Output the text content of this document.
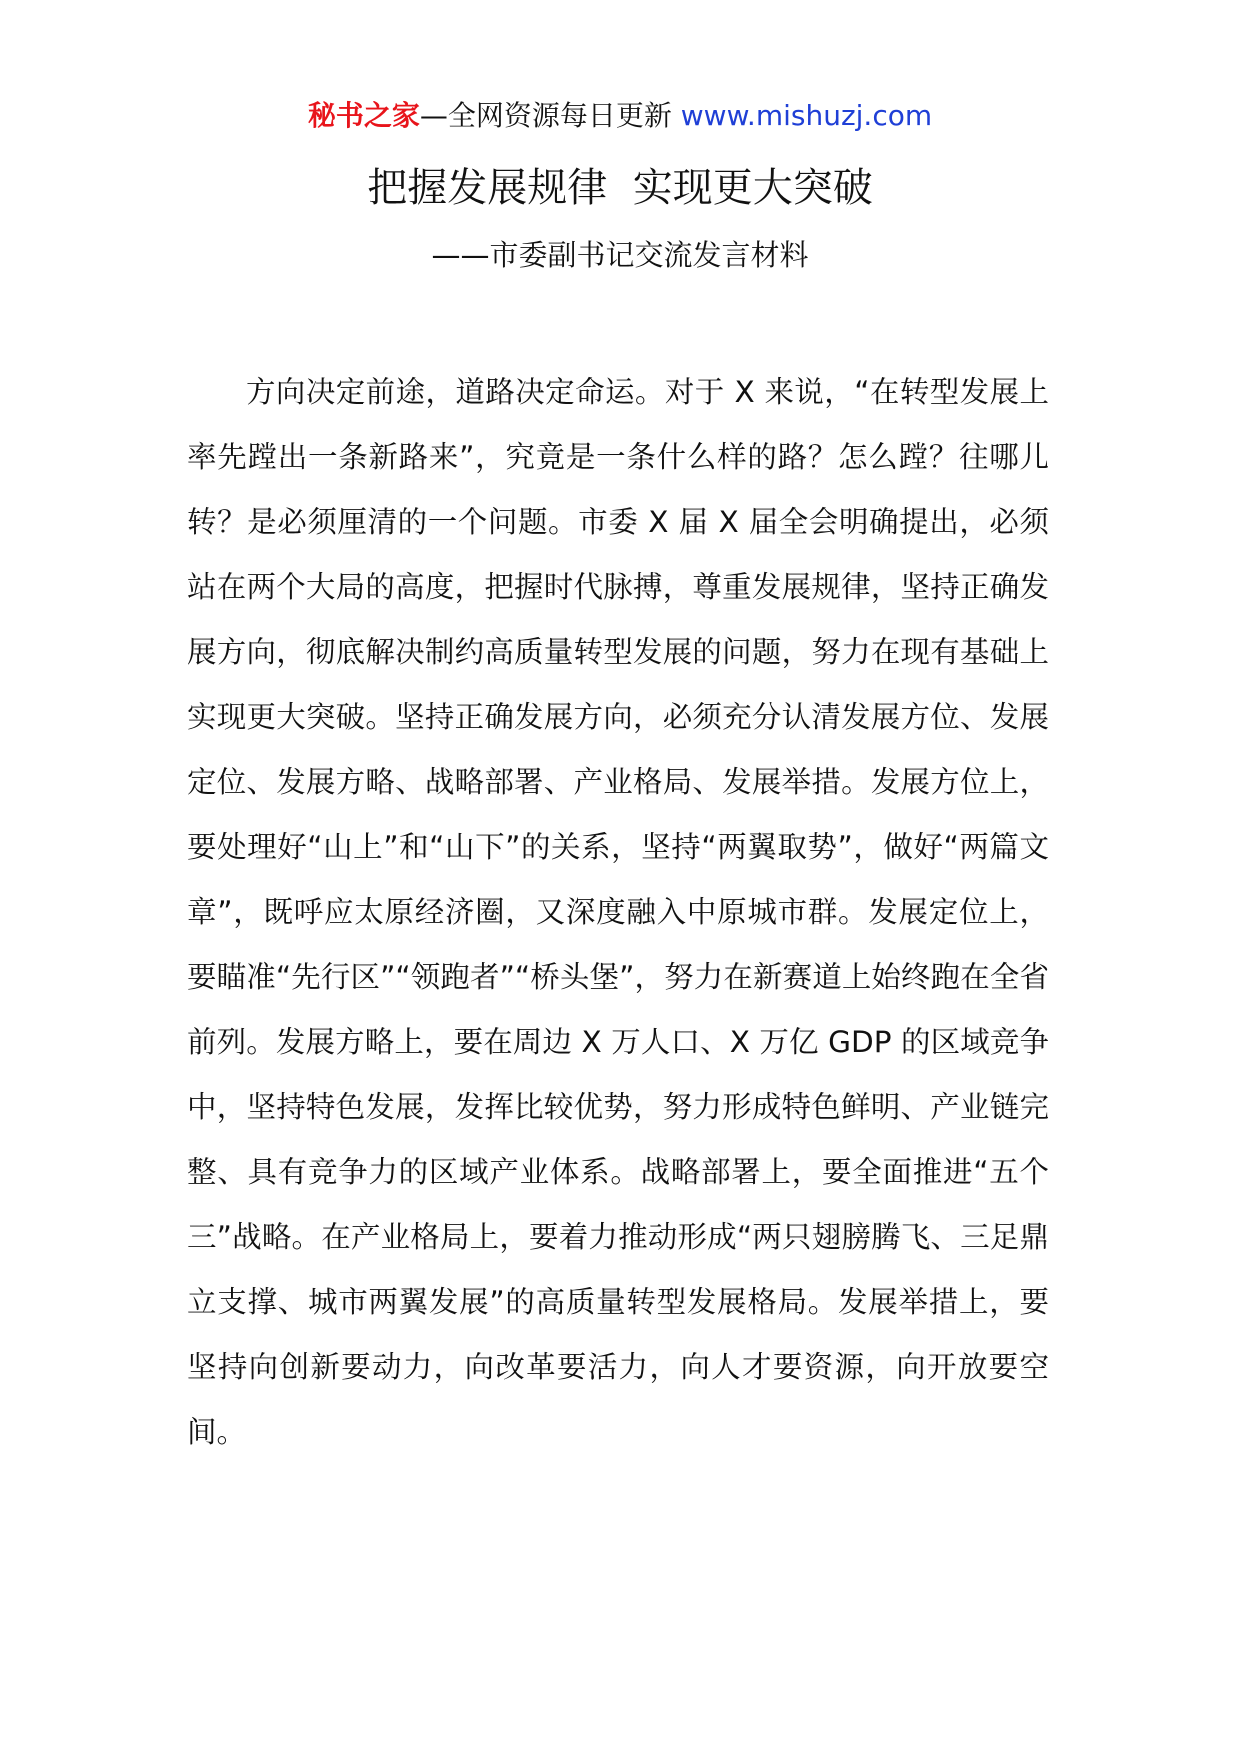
秘书之家—全网资源每日更新 www.mishuzj.com
把握发展规律  实现更大突破
——市委副书记交流发言材料

方向决定前途，道路决定命运。对于 X 来说，“在转型发展上率先蹚出一条新路来”，究竟是一条什么样的路？怎么蹚？往哪儿转？是必须厘清的一个问题。市委 X 届 X 届全会明确提出，必须站在两个大局的高度，把握时代脉搏，尊重发展规律，坚持正确发展方向，彻底解决制约高质量转型发展的问题，努力在现有基础上实现更大突破。坚持正确发展方向，必须充分认清发展方位、发展定位、发展方略、战略部署、产业格局、发展举措。发展方位上，要处理好“山上”和“山下”的关系，坚持“两翼取势”，做好“两篇文章”，既呼应太原经济圈，又深度融入中原城市群。发展定位上，要瞄准“先行区”“领跑者”“桥头堡”，努力在新赛道上始终跑在全省前列。发展方略上，要在周边 X 万人口、X 万亿 GDP 的区域竞争中，坚持特色发展，发挥比较优势，努力形成特色鲜明、产业链完整、具有竞争力的区域产业体系。战略部署上，要全面推进“五个三”战略。在产业格局上，要着力推动形成“两只翅膀腾飞、三足鼎立支撑、城市两翼发展”的高质量转型发展格局。发展举措上，要坚持向创新要动力，向改革要活力，向人才要资源，向开放要空间。
